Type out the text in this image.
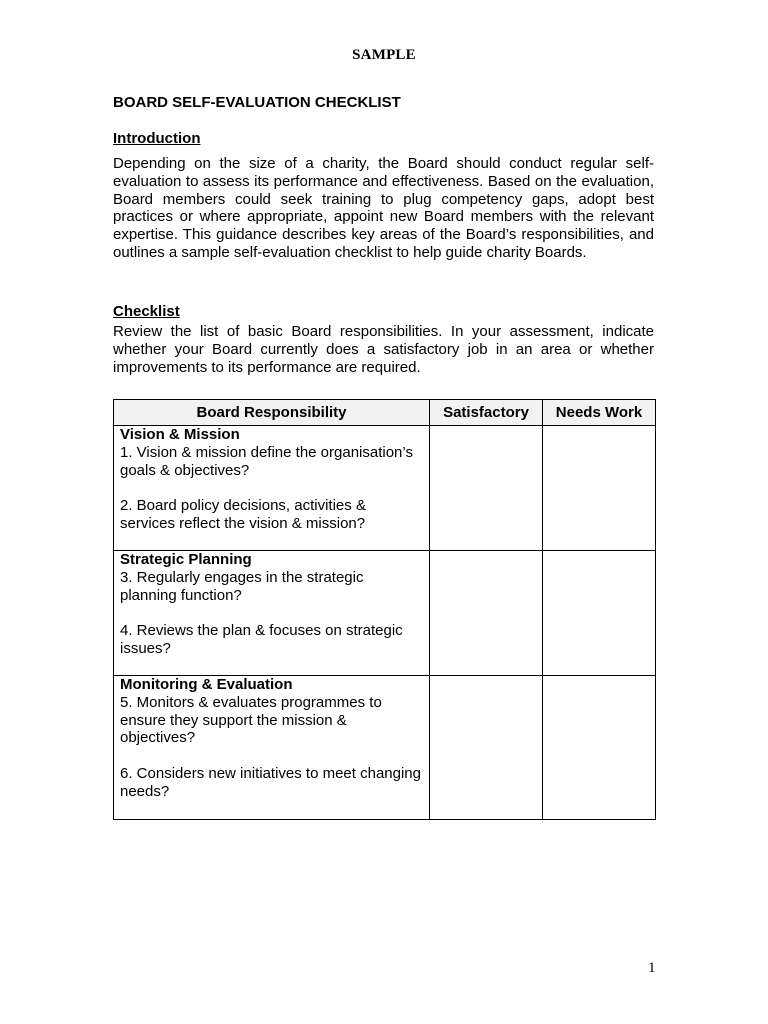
SAMPLE
BOARD SELF-EVALUATION CHECKLIST
Introduction
Depending on the size of a charity, the Board should conduct regular self-evaluation to assess its performance and effectiveness. Based on the evaluation, Board members could seek training to plug competency gaps, adopt best practices or where appropriate, appoint new Board members with the relevant expertise. This guidance describes key areas of the Board’s responsibilities, and outlines a sample self-evaluation checklist to help guide charity Boards.
Checklist
Review the list of basic Board responsibilities. In your assessment, indicate whether your Board currently does a satisfactory job in an area or whether improvements to its performance are required.
Board Responsibility	Satisfactory	Needs Work

Vision & Mission
1. Vision & mission define the organisation’s goals & objectives?
2. Board policy decisions, activities & services reflect the vision & mission?		

Strategic Planning
3. Regularly engages in the strategic planning function?
4. Reviews the plan & focuses on strategic issues?		

Monitoring & Evaluation
5. Monitors & evaluates programmes to ensure they support the mission & objectives?
6. Considers new initiatives to meet changing needs?		

1
